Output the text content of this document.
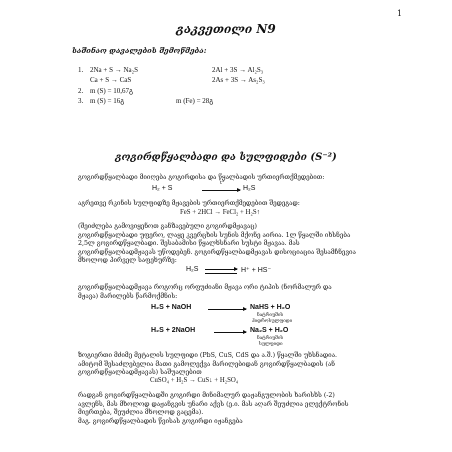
1
გაკვეთილი N9
საშინაო დავალების შემოწმება:
1. 2Na + S → Na₂S	2Al + 3S → Al₂S₃
Ca + S → CaS	2As + 3S → As₂S₃
2. m (S) = 10,67გ
3. m (S) = 16გ	m (Fe) = 28გ
გოგირდწყალბადი და სულფიდები (S⁻²)
გოგირდწყალბადი მიიღება გოგირდისა და წყალბადის ურთიერთქმედებით:
H₂ + S
t°
→ H₂S
აგრეთვე რკინის სულფიდზე მჟავების ურთიერთქმედებით შედეგად:
FeS + 2HCl → FeCl₂ + H₂S↑
(შეიძლება გამოვიყენოთ განზავებული გოგირდმჟავაც)
გოგირდწყალბადი უფერო, ლაყე კვერცხის სუნის მქონე აირია. 1ლ წყალში იხსნება
2,5ლ გოგირდწყალბადი. შესაბამისი წყალხსნარი სუსტი მჟავაა. მას
გოგირდწყალბადმჟავას უწოდებენ. გოგირდწყალბადმჟავას დისოციაცია შესამჩნევია
მხოლოდ პირველ საფეხურზე:
H₂S	H⁺ + HS⁻
გოგირდწყალბადმჟავა როგორც ორფუძიანი მჟავა ორი ტიპის (ნორმალურ და
მჟავა) მარილებს წარმოქმნის:
H₂S + NaOH → NaHS + H₂O
ნატრიუმის
ჰიდროსულფიდი
H₂S + 2NaOH → Na₂S + H₂O
ნატრიუმის
სულფიდი
ზოგიერთი მძიმე მეტალის სულფიდი (PbS, CuS, CdS და ა.შ.) წყალში უხსნადია.
ამიტომ შესაძლებელია მათი გამოლექვა მარილებიდან გოგირდწყალბადის (ან
გოგირდწყალბადმჟავას) საშუალებით
CuSO₄ + H₂S → CuS↓ + H₂SO₄
რადგან გოგირდწყალბადში გოგირდი მინიმალურ დაჟანგულობის ხარისხს (-2)
ავლენს, მას მხოლოდ დაჟანგვის უნარი აქვს (ე.ი. მას აღარ შეუძლია ელექტრონის
მიერთება, შეუძლია მხოლოდ გაცემა).
მაგ. გოგირდწყალბადის წვისას გოგირდი იჟანგება
